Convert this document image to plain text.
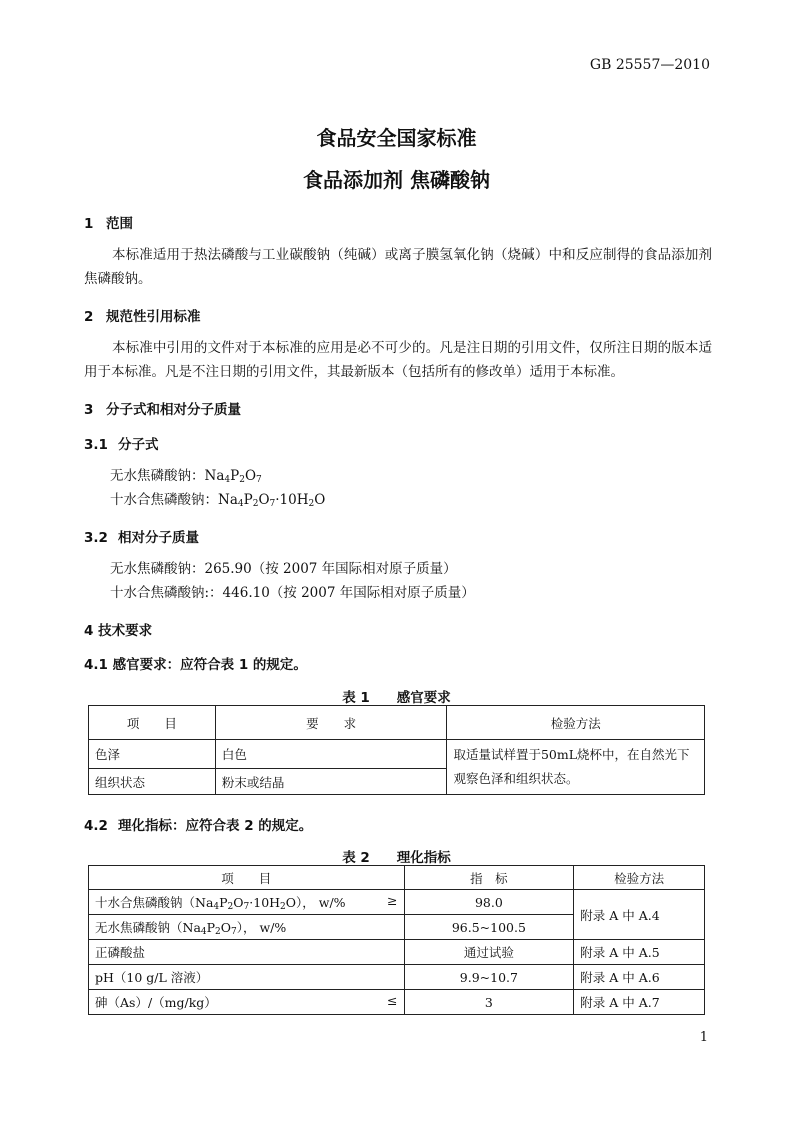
GB 25557—2010
食品安全国家标准
食品添加剂 焦磷酸钠
1 范围
本标准适用于热法磷酸与工业碳酸钠（纯碱）或离子膜氢氧化钠（烧碱）中和反应制得的食品添加剂焦磷酸钠。
2 规范性引用标准
本标准中引用的文件对于本标准的应用是必不可少的。凡是注日期的引用文件，仅所注日期的版本适用于本标准。凡是不注日期的引用文件，其最新版本（包括所有的修改单）适用于本标准。
3 分子式和相对分子质量
3.1 分子式
无水焦磷酸钠：$Na_4P_2O_7$
十水合焦磷酸钠：$Na_4P_2O_7\cdot 10H_2O$
3.2 相对分子质量
无水焦磷酸钠：265.90（按 2007 年国际相对原子质量）
十水合焦磷酸钠:：446.10（按 2007 年国际相对原子质量）
4 技术要求
4.1 感官要求：应符合表 1 的规定。
表 1　　感官要求
项　　目	要　　求	检验方法
色泽	白色	取适量试样置于50mL烧杯中，在自然光下观察色泽和组织状态。
组织状态	粉末或结晶	
4.2 理化指标：应符合表 2 的规定。
表 2　　理化指标
项　　目	指　标	检验方法

十水合焦磷酸钠$(Na_4P_2O_7\cdot 10H_2O)$， w/% ≥	98.0	附录 A 中 A.4
无水焦磷酸钠$(Na_4P_2O_7)$， w/%	96.5~100.5	
正磷酸盐	通过试验	附录 A 中 A.5
pH（10 g/L 溶液）	9.9~10.7	附录 A 中 A.6

砷（As）/（mg/kg） ≤	3	附录 A 中 A.7
1
